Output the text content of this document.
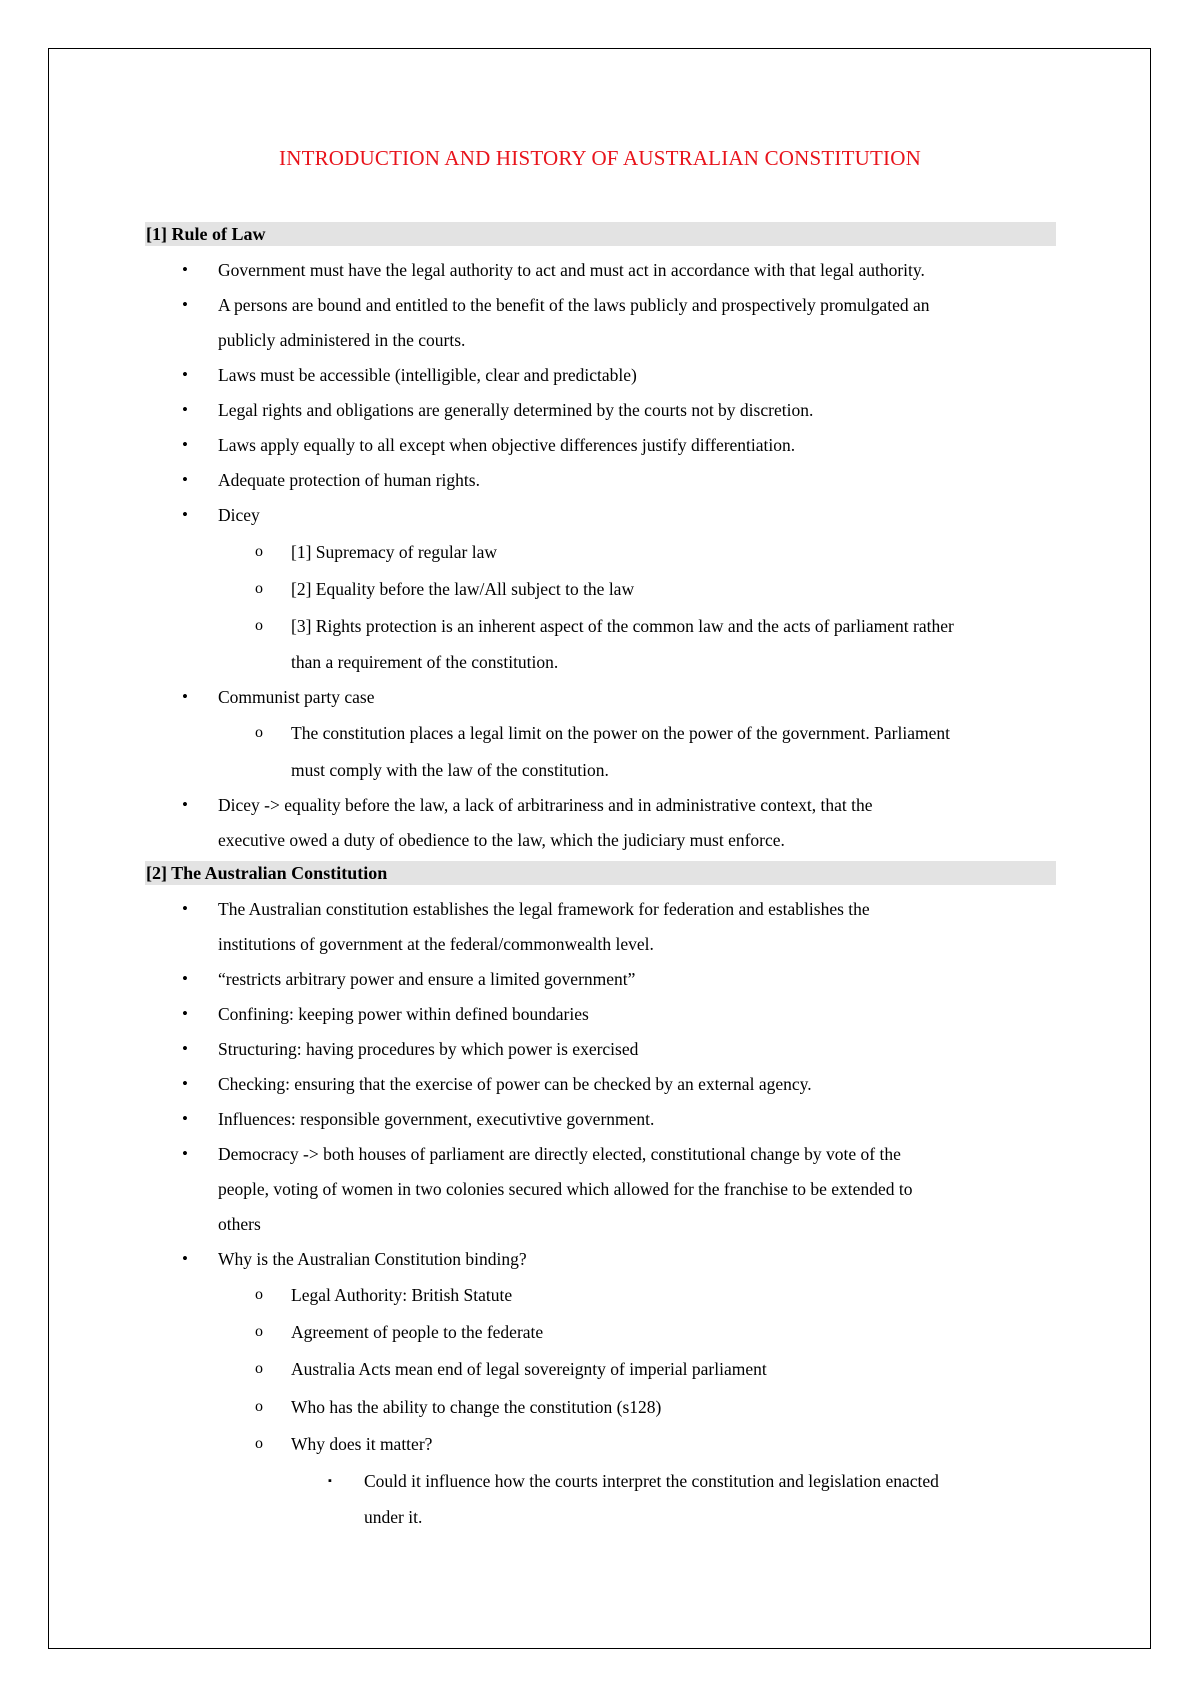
INTRODUCTION AND HISTORY OF AUSTRALIAN CONSTITUTION
[1] Rule of Law
• Government must have the legal authority to act and must act in accordance with that legal authority.
• A persons are bound and entitled to the benefit of the laws publicly and prospectively promulgated an
publicly administered in the courts.
• Laws must be accessible (intelligible, clear and predictable)
• Legal rights and obligations are generally determined by the courts not by discretion.
• Laws apply equally to all except when objective differences justify differentiation.
• Adequate protection of human rights.
• Dicey
o [1] Supremacy of regular law
o [2] Equality before the law/All subject to the law
o [3] Rights protection is an inherent aspect of the common law and the acts of parliament rather
than a requirement of the constitution.
• Communist party case
o The constitution places a legal limit on the power on the power of the government. Parliament
must comply with the law of the constitution.
• Dicey -> equality before the law, a lack of arbitrariness and in administrative context, that the
executive owed a duty of obedience to the law, which the judiciary must enforce.
[2] The Australian Constitution
• The Australian constitution establishes the legal framework for federation and establishes the
institutions of government at the federal/commonwealth level.
• “restricts arbitrary power and ensure a limited government”
• Confining: keeping power within defined boundaries
• Structuring: having procedures by which power is exercised
• Checking: ensuring that the exercise of power can be checked by an external agency.
• Influences: responsible government, executivtive government.
• Democracy -> both houses of parliament are directly elected, constitutional change by vote of the
people, voting of women in two colonies secured which allowed for the franchise to be extended to
others
• Why is the Australian Constitution binding?
o Legal Authority: British Statute
o Agreement of people to the federate
o Australia Acts mean end of legal sovereignty of imperial parliament
o Who has the ability to change the constitution (s128)
o Why does it matter?
▪ Could it influence how the courts interpret the constitution and legislation enacted
under it.
